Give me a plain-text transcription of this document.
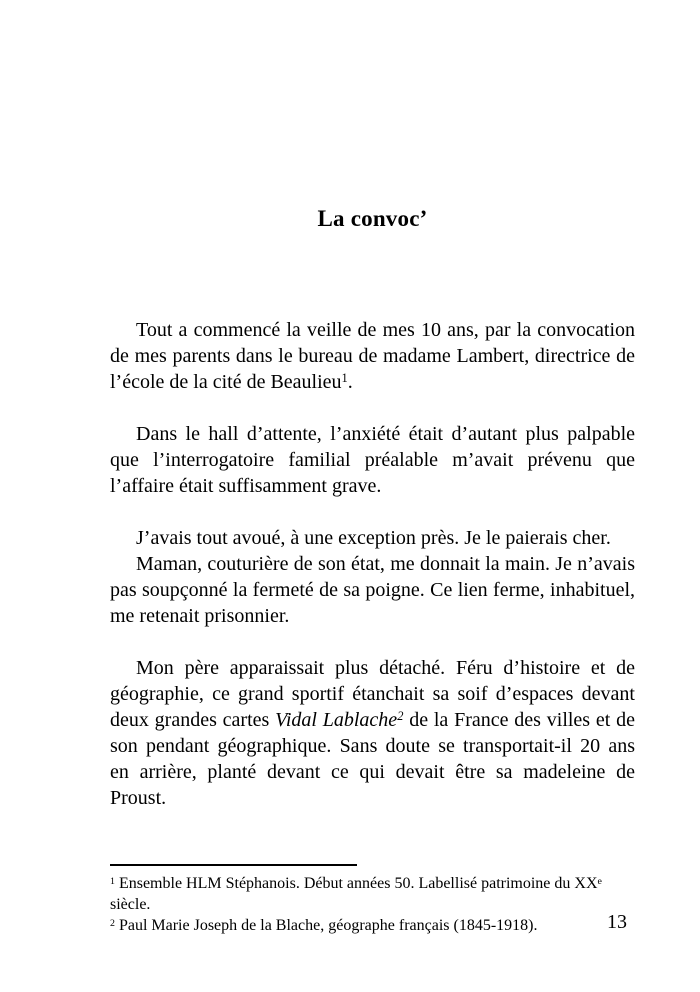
La convoc’
Tout a commencé la veille de mes 10 ans, par la convocation
de mes parents dans le bureau de madame Lambert, directrice de
l’école de la cité de Beaulieu$^1$.
Dans le hall d’attente, l’anxiété était d’autant plus palpable
que l’interrogatoire familial préalable m’avait prévenu que
l’affaire était suffisamment grave.
J’avais tout avoué, à une exception près. Je le paierais cher.
Maman, couturière de son état, me donnait la main. Je n’avais
pas soupçonné la fermeté de sa poigne. Ce lien ferme, inhabituel,
me retenait prisonnier.
Mon père apparaissait plus détaché. Féru d’histoire et de
géographie, ce grand sportif étanchait sa soif d’espaces devant
deux grandes cartes Vidal Lablache$^2$ de la France des villes et de
son pendant géographique. Sans doute se transportait-il 20 ans
en arrière, planté devant ce qui devait être sa madeleine de
Proust.
$^1$ Ensemble HLM Stéphanois. Début années 50. Labellisé patrimoine du XXe siècle.
$^2$ Paul Marie Joseph de la Blache, géographe français (1845-1918).	13
